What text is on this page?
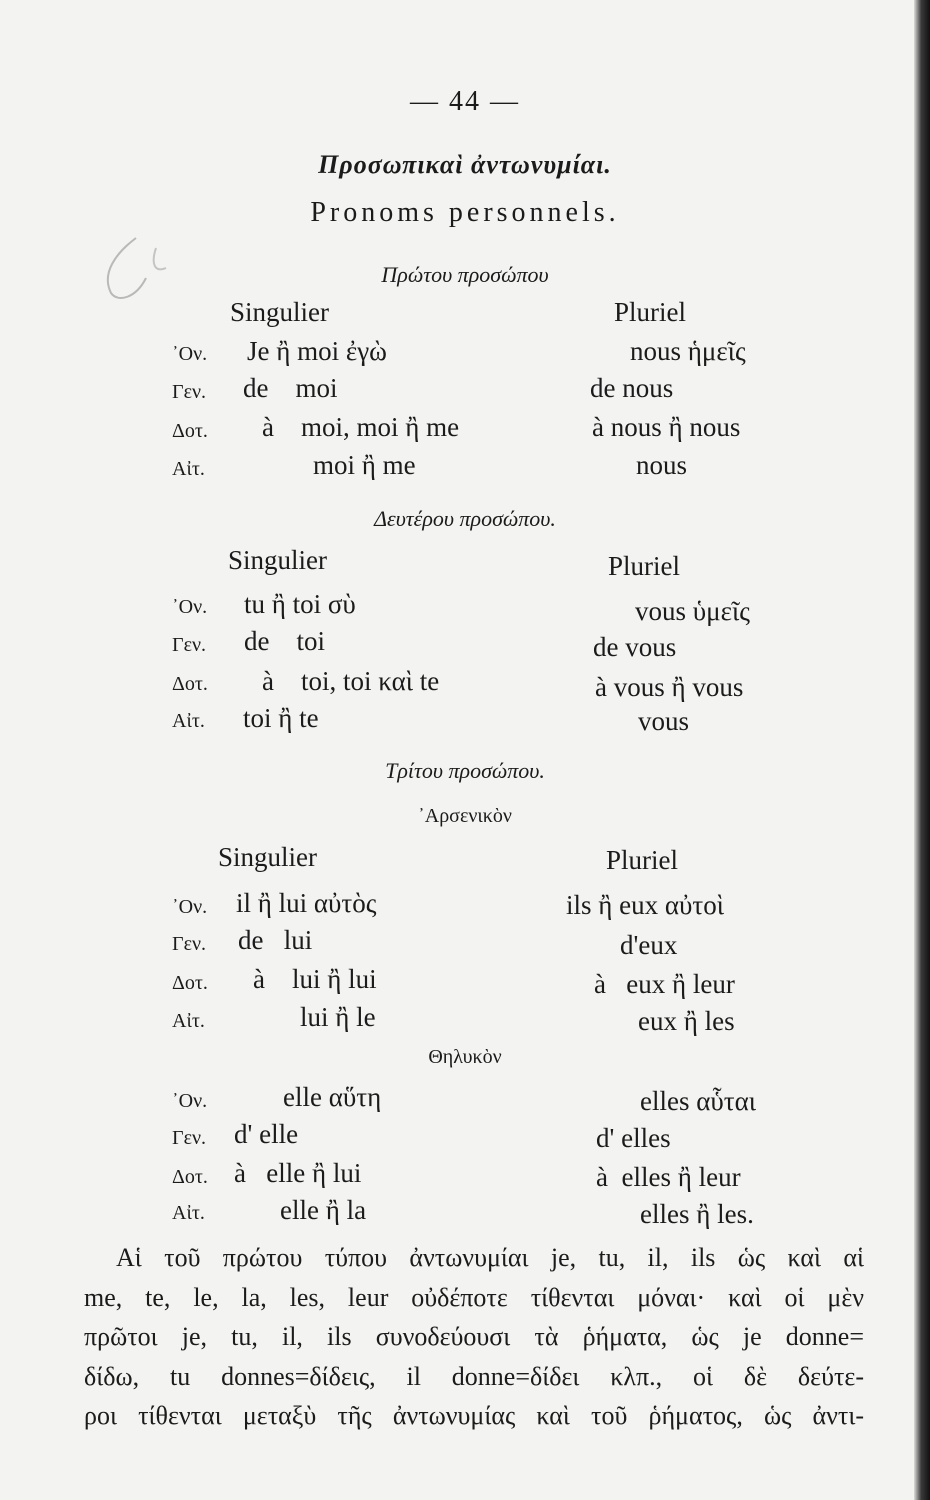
— 44 —
Προσωπικαὶ ἀντωνυμίαι.
Pronoms personnels.
Πρώτου προσώπου
Singulier	Pluriel
᾿Ον. Je ἢ moi ἐγὼ	nous ἡμεῖς
Γεν. de    moi	de nous
Δοτ. à    moi, moi ἢ me	à nous ἢ nous
Αἰτ.	moi ἢ me	nous
Δευτέρου προσώπου.
Singulier	Pluriel
᾿Ον. tu ἢ toi σὺ	vous ὑμεῖς
Γεν. de    toi	de vous
Δοτ. à    toi, toi καὶ te	à vous ἢ vous
Αἰτ. toi ἢ te	vous
Τρίτου προσώπου.
᾿Αρσενικὸν
Singulier	Pluriel
᾿Ον. il ἢ lui αὐτὸς	ils ἢ eux αὐτοὶ
Γεν. de   lui	d'eux
Δοτ. à    lui ἢ lui	à   eux ἢ leur
Αἰτ.	lui ἢ le	eux ἢ les
Θηλυκὸν
᾿Ον.	elle αὕτη	elles αὗται
Γεν. d' elle	d' elles
Δοτ. à   elle ἢ lui	à  elles ἢ leur
Αἰτ.	elle ἢ la	elles ἢ les.
Αἱ τοῦ πρώτου τύπου ἀντωνυμίαι je, tu, il, ils ὡς καὶ αἱ
me, te, le, la, les, leur οὐδέποτε τίθενται μόναι· καὶ οἱ μὲν
πρῶτοι je, tu, il, ils συνοδεύουσι τὰ ῥήματα, ὡς je donne=
δίδω, tu donnes=δίδεις, il donne=δίδει κλπ., οἱ δὲ δεύτε-
ροι τίθενται μεταξὺ τῆς ἀντωνυμίας καὶ τοῦ ῥήματος, ὡς ἀντι-
